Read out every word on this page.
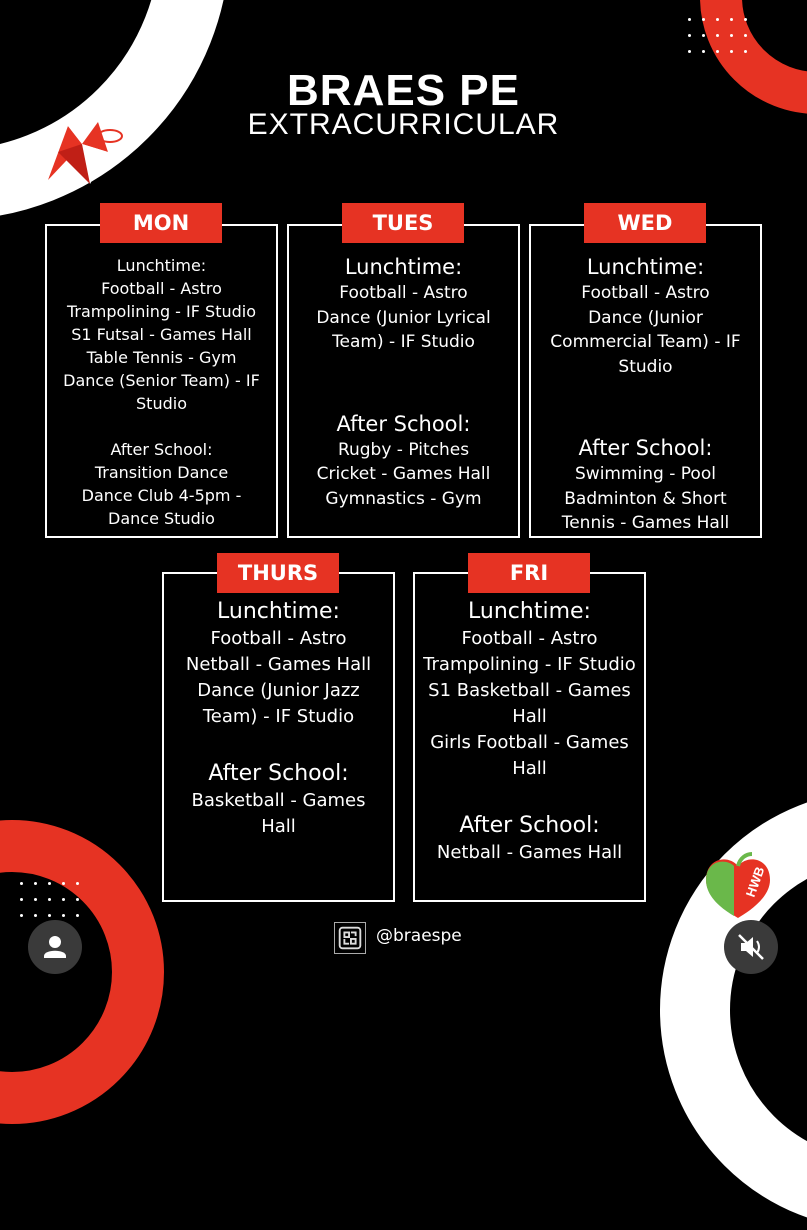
HWB
BRAES PE
EXTRACURRICULAR
Lunchtime:
Football - Astro
Trampolining - IF Studio
S1 Futsal - Games Hall
Table Tennis - Gym
Dance (Senior Team) - IF
Studio
After School:
Transition Dance
Dance Club 4-5pm -
Dance Studio
MON
Lunchtime:
Football - Astro
Dance (Junior Lyrical
Team) - IF Studio
After School:
Rugby - Pitches
Cricket - Games Hall
Gymnastics - Gym
TUES
Lunchtime:
Football - Astro
Dance (Junior
Commercial Team) - IF
Studio
After School:
Swimming - Pool
Badminton & Short
Tennis - Games Hall
WED
Lunchtime:
Football - Astro
Netball - Games Hall
Dance (Junior Jazz
Team) - IF Studio
After School:
Basketball - Games
Hall
THURS
Lunchtime:
Football - Astro
Trampolining - IF Studio
S1 Basketball - Games
Hall
Girls Football - Games
Hall
After School:
Netball - Games Hall
FRI
@braespe
